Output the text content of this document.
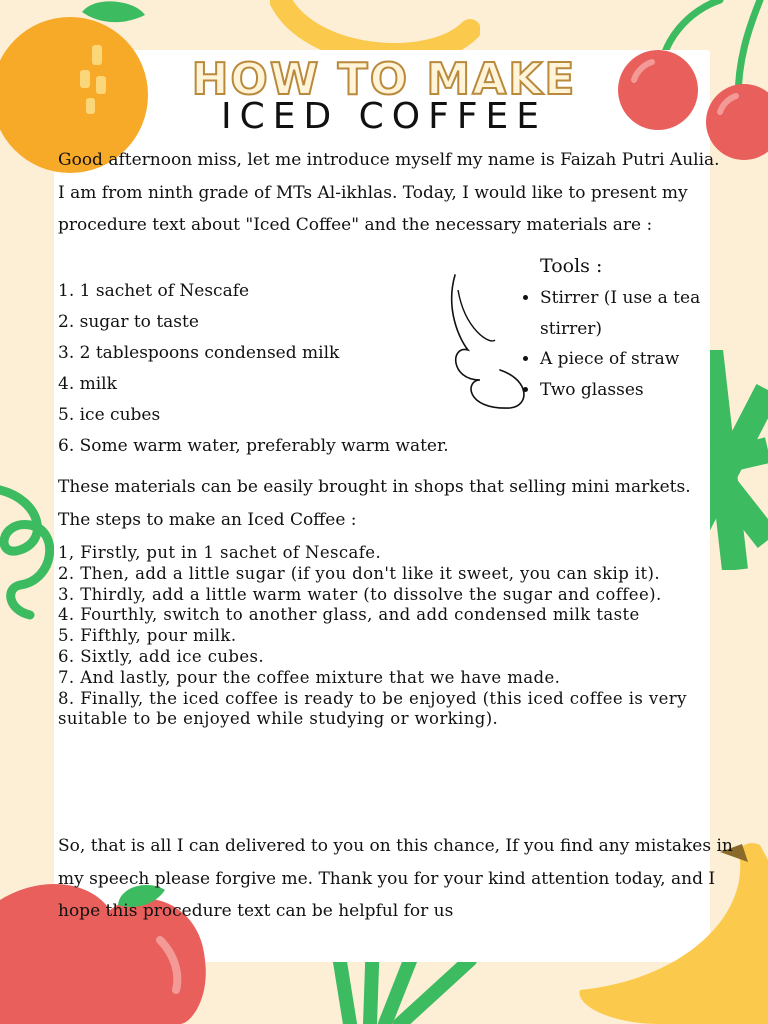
HOW TO MAKE
ICED COFFEE
Good afternoon miss, let me introduce myself my name is Faizah Putri Aulia. I am from ninth grade of MTs Al-ikhlas. Today, I would like to present my procedure text about "Iced Coffee" and the necessary materials are :
1. 1 sachet of Nescafe
2. sugar to taste
3. 2 tablespoons condensed milk
4. milk
5. ice cubes
6. Some warm water, preferably warm water.
Tools :
• Stirrer (I use a tea stirrer)
• A piece of straw
• Two glasses
These materials can be easily brought in shops that selling mini markets. The steps to make an Iced Coffee :
1, Firstly, put in 1 sachet of Nescafe.
2. Then, add a little sugar (if you don't like it sweet, you can skip it).
3. Thirdly, add a little warm water (to dissolve the sugar and coffee).
4. Fourthly, switch to another glass, and add condensed milk taste
5. Fifthly, pour milk.
6. Sixtly, add ice cubes.
7. And lastly, pour the coffee mixture that we have made.
8. Finally, the iced coffee is ready to be enjoyed (this iced coffee is very suitable to be enjoyed while studying or working).
So, that is all I can delivered to you on this chance, If you find any mistakes in my speech please forgive me. Thank you for your kind attention today, and I hope this procedure text can be helpful for us
